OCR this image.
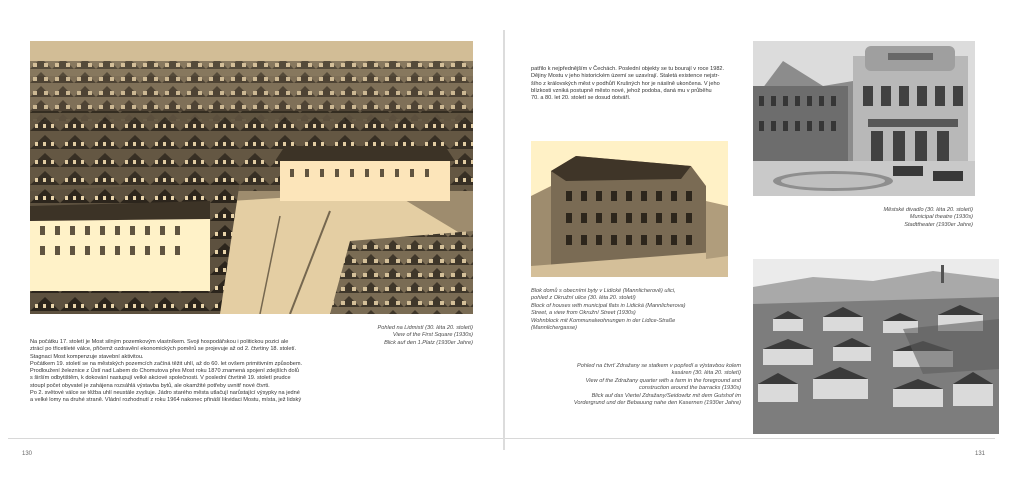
Pohled na Lidmistí (30. léta 20. století)
View of the First Square (1930s)
Blick auf den 1.Platz (1930er Jahre)
Na počátku 17. století je Most silným pozemkovým vlastníkem. Svoji hospodářskou i politickou pozici ale
ztrácí po třicetileté válce, přičemž ozdravění ekonomických poměrů se projevuje až od 2. čtvrtiny 18. století.
Stagnaci Most kompenzuje stavební aktivitou.
Počátkem 19. století se na městských pozemcích začíná těžit uhlí, až do 60. let ovšem primitivním způsobem.
Prodloužení železnice z Ústí nad Labem do Chomutova přes Most roku 1870 znamená spojení zdejších dolů
s širším odbytištěm, k dokování nastupují velké akciové společnosti. V poslední čtvrtině 19. století prudce
stoupl počet obyvatel je zahájena rozsáhlá výstavba bytů, ale okamžité potřeby uvnitř nové čtvrti.
Po 2. světové válce se těžba uhlí neustále zvyšuje. Jádro starého města utlačují narůstající výsypky na jedné
a velké lomy na druhé straně. Vládní rozhodnutí z roku 1964 nakonec přináší likvidaci Mostu, místa, jež lidský
130
patřilo k nejpřednějším v Čechách. Poslední objekty se tu bourají v roce 1982.
Dějiny Mostu v jeho historickém území se uzavírají. Staletá existence nejstr-
šího z královských měst v podhůří Krušných hor je násilně ukončena. V jeho
blízkosti vzniká postupně město nové, jehož podoba, daná mu v průběhu
70. a 80. let 20. století se dosud dotváří.
Městské divadlo (30. léta 20. století)
Municipal theatre (1930s)
Stadttheater (1930er Jahre)
Blok domů s obecními byty v Lidické (Mannlicherově) ulici,
pohled z Okružní ulice (30. léta 20. století)
Block of houses with municipal flats in Lidická (Mannlicherova)
Street, a view from Okružní Street (1930s)
Wohnblock mit Kommunalwohnungen in der Lidice-Straße
(Mannlichergasse)
Pohled na čtvrť Zdražany se statkem v popředí a výstavbou kolem
kasáren (30. léta 20. století)
View of the Zdražany quarter with a farm in the foreground and
construction around the barracks (1930s)
Blick auf das Viertel Zdražany/Seidowitz mit dem Gutshof im
Vordergrund und der Bebauung nahe den Kasernen (1930er Jahre)
131
